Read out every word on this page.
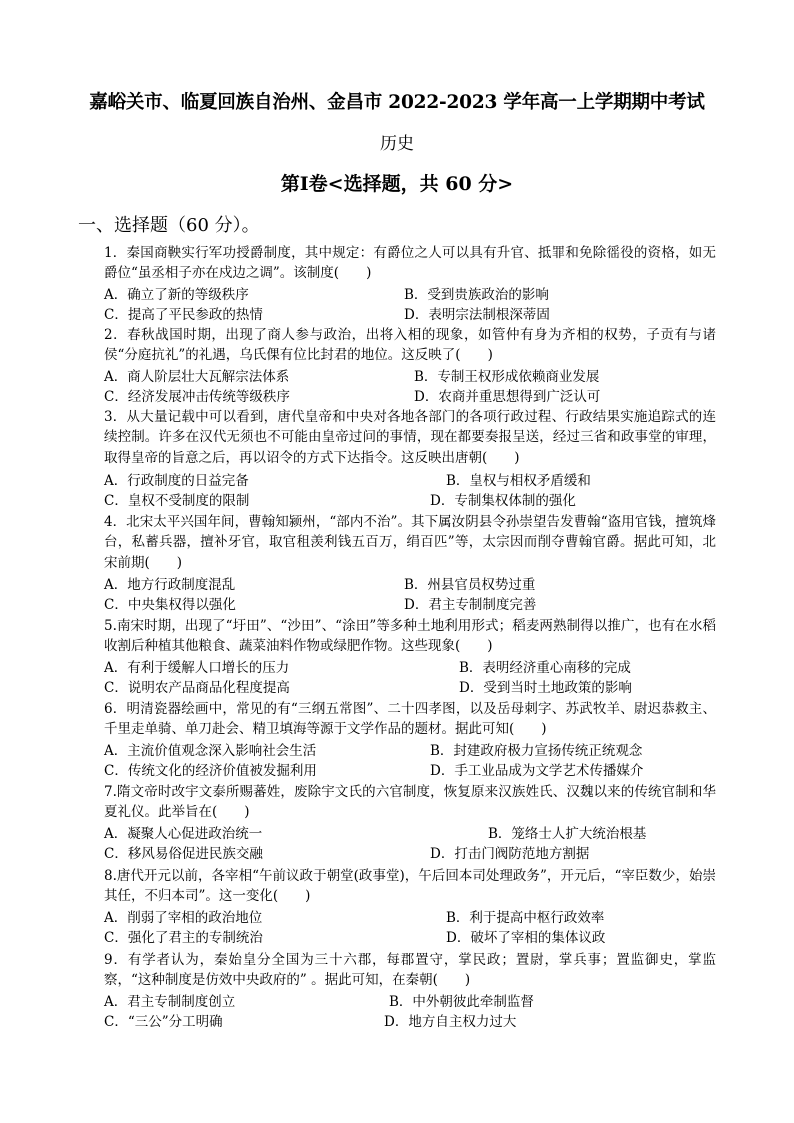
嘉峪关市、临夏回族自治州、金昌市 2022-2023 学年高一上学期期中考试
历史
第Ⅰ卷<选择题，共 60 分>
一、选择题（60 分）。
1．秦国商鞅实行军功授爵制度，其中规定：有爵位之人可以具有升官、抵罪和免除徭役的资格，如无爵位“虽丞相子亦在戍边之调”。该制度(　　)
A．确立了新的等级秩序	B．受到贵族政治的影响
C．提高了平民参政的热情	D．表明宗法制根深蒂固
2．春秋战国时期，出现了商人参与政治，出将入相的现象，如管仲有身为齐相的权势，子贡有与诸侯“分庭抗礼”的礼遇，乌氏倮有位比封君的地位。这反映了(　　)
A．商人阶层壮大瓦解宗法体系	B．专制王权形成依赖商业发展
C．经济发展冲击传统等级秩序	D．农商并重思想得到广泛认可
3．从大量记载中可以看到，唐代皇帝和中央对各地各部门的各项行政过程、行政结果实施追踪式的连续控制。许多在汉代无须也不可能由皇帝过问的事情，现在都要奏报呈送，经过三省和政事堂的审理，取得皇帝的旨意之后，再以诏令的方式下达指令。这反映出唐朝(　　)
A．行政制度的日益完备	B．皇权与相权矛盾缓和
C．皇权不受制度的限制	D．专制集权体制的强化
4．北宋太平兴国年间，曹翰知颍州，“部内不治”。其下属汝阴县令孙崇望告发曹翰“盗用官钱，擅筑烽台，私蓄兵器，擅补牙官，取官租羡利钱五百万，绢百匹”等，太宗因而削夺曹翰官爵。据此可知，北宋前期(　　)
A．地方行政制度混乱	B．州县官员权势过重
C．中央集权得以强化	D．君主专制制度完善
5.南宋时期，出现了“圩田”、“沙田”、“涂田”等多种土地利用形式；稻麦两熟制得以推广，也有在水稻收割后种植其他粮食、蔬菜油料作物或绿肥作物。这些现象(　　)
A．有利于缓解人口增长的压力	B．表明经济重心南移的完成
C．说明农产品商品化程度提高	D．受到当时土地政策的影响
6．明清瓷器绘画中，常见的有“三纲五常图”、二十四孝图，以及岳母刺字、苏武牧羊、尉迟恭救主、千里走单骑、单刀赴会、精卫填海等源于文学作品的题材。据此可知(　　)
A．主流价值观念深入影响社会生活	B．封建政府极力宣扬传统正统观念
C．传统文化的经济价值被发掘利用	D．手工业品成为文学艺术传播媒介
7.隋文帝时改宇文泰所赐蕃姓，废除宇文氏的六官制度，恢复原来汉族姓氏、汉魏以来的传统官制和华夏礼仪。此举旨在(　　)
A．凝聚人心促进政治统一	B．笼络士人扩大统治根基
C．移风易俗促进民族交融	D．打击门阀防范地方割据
8.唐代开元以前，各宰相“午前议政于朝堂(政事堂)，午后回本司处理政务”，开元后，“宰臣数少，始崇其任，不归本司”。这一变化(　　)
A．削弱了宰相的政治地位	B．利于提高中枢行政效率
C．强化了君主的专制统治	D．破坏了宰相的集体议政
9．有学者认为，秦始皇分全国为三十六郡，每郡置守，掌民政；置尉，掌兵事；置监御史，掌监察，“这种制度是仿效中央政府的” 。据此可知，在秦朝(　　)
A．君主专制制度创立	B．中外朝彼此牵制监督
C．“三公”分工明确	D．地方自主权力过大
